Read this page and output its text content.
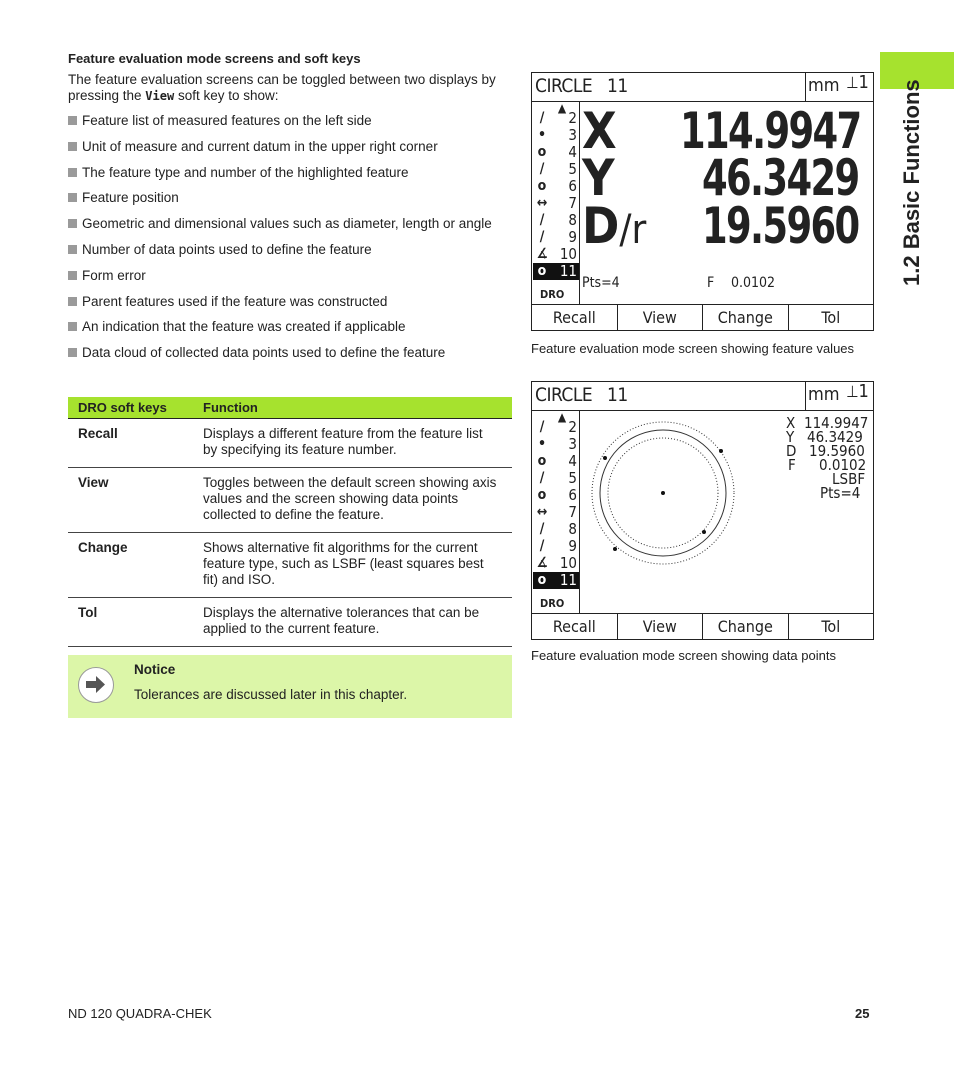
Feature evaluation mode screens and soft keys

The feature evaluation screens can be toggled between two displays by pressing the View soft key to show:

Feature list of measured features on the left side
Unit of measure and current datum in the upper right corner
The feature type and number of the highlighted feature
Feature position
Geometric and dimensional values such as diameter, length or angle
Number of data points used to define the feature
Form error
Parent features used if the feature was constructed
An indication that the feature was created if applicable
Data cloud of collected data points used to define the feature
DRO soft keys	Function
Recall	Displays a different feature from the feature list by specifying its feature number.
View	Toggles between the default screen showing axis values and the screen showing data points collected to define the feature.
Change	Shows alternative fit algorithms for the current feature type, such as LSBF (least squares best fit) and ISO.
Tol	Displays the alternative tolerances that can be applied to the current feature.
Notice
Tolerances are discussed later in this chapter.
CIRCLE 11	mm ⊥1
▲
/	2
• 3
o 4
/	5
o 6
↔ 7
/	8
/	9
∡ 10
o 11
DRO
X 114.9947
Y 46.3429
D/r 19.5960
Pts=4	F 0.0102
Recall	View	Change	Tol
Feature evaluation mode screen showing feature values
CIRCLE 11	mm ⊥1
▲
/	2
• 3
o 4
/	5
o 6
↔ 7
/	8
/	9
∡ 10
o 11
DRO
X 114.9947
Y 46.3429
D 19.5960
F 0.0102
LSBF
Pts=4
Recall	View	Change	Tol
Feature evaluation mode screen showing data points
1.2 Basic Functions
ND 120 QUADRA-CHEK	25
